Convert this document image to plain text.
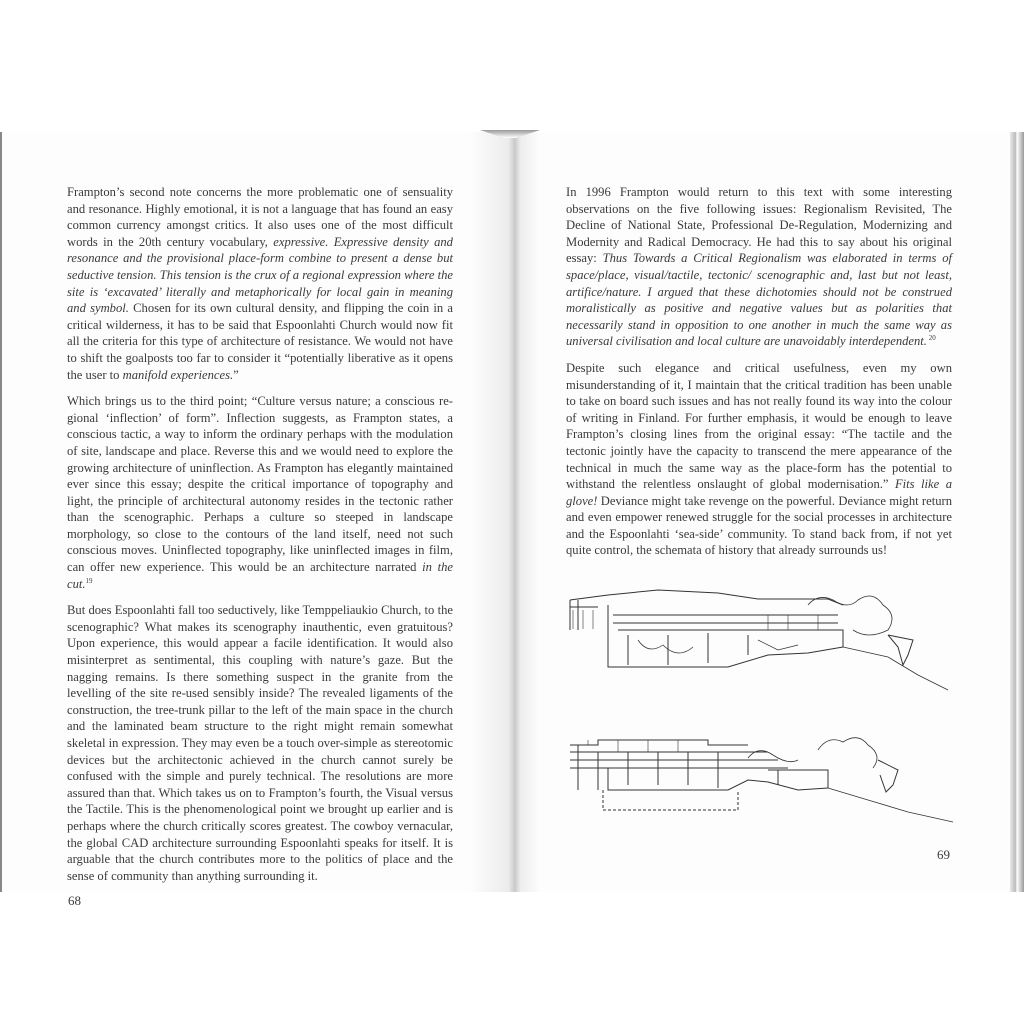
Frampton’s second note concerns the more problematic one of sensuality and resonance. Highly emotional, it is not a language that has found an easy common currency amongst critics. It also uses one of the most difficult words in the 20th century vocabulary, expressive. Expressive density and resonance and the provisional place-form combine to present a dense but seductive tension. This tension is the crux of a regional expression where the site is ‘excavated’ literally and metaphorically for local gain in meaning and symbol. Chosen for its own cultural density, and flipping the coin in a critical wilderness, it has to be said that Espoonlahti Church would now fit all the criteria for this type of architecture of resistance. We would not have to shift the goalposts too far to consider it “potentially liberative as it opens the user to manifold experiences.”

Which brings us to the third point; “Culture versus nature; a conscious regional ‘inflection’ of form”. Inflection suggests, as Frampton states, a conscious tactic, a way to inform the ordinary perhaps with the modulation of site, landscape and place. Reverse this and we would need to explore the growing architecture of uninflection. As Frampton has elegantly maintained ever since this essay; despite the critical importance of topography and light, the principle of architectural autonomy resides in the tectonic rather than the scenographic. Perhaps a culture so steeped in landscape morphology, so close to the contours of the land itself, need not such conscious moves. Uninflected topography, like uninflected images in film, can offer new experience. This would be an architecture narrated in the cut.$^{19}$

But does Espoonlahti fall too seductively, like Temppeliaukio Church, to the scenographic? What makes its scenography inauthentic, even gratuitous? Upon experience, this would appear a facile identification. It would also misinterpret as sentimental, this coupling with nature’s gaze. But the nagging remains. Is there something suspect in the granite from the levelling of the site re-used sensibly inside? The revealed ligaments of the construction, the tree-trunk pillar to the left of the main space in the church and the laminated beam structure to the right might remain somewhat skeletal in expression. They may even be a touch over-simple as stereotomic devices but the architectonic achieved in the church cannot surely be confused with the simple and purely technical. The resolutions are more assured than that. Which takes us on to Frampton’s fourth, the Visual versus the Tactile. This is the phenomenological point we brought up earlier and is perhaps where the church critically scores greatest. The cowboy vernacular, the global CAD architecture surrounding Espoonlahti speaks for itself. It is arguable that the church contributes more to the politics of place and the sense of community than anything surrounding it.

In 1996 Frampton would return to this text with some interesting observations on the five following issues: Regionalism Revisited, The Decline of National State, Professional De-Regulation, Modernizing and Modernity and Radical Democracy. He had this to say about his original essay: Thus Towards a Critical Regionalism was elaborated in terms of space/place, visual/tactile, tectonic/ scenographic and, last but not least, artifice/nature. I argued that these dichotomies should not be construed moralistically as positive and negative values but as polarities that necessarily stand in opposition to one another in much the same way as universal civilisation and local culture are unavoidably interdependent. $^{20}$

Despite such elegance and critical usefulness, even my own misunderstanding of it, I maintain that the critical tradition has been unable to take on board such issues and has not really found its way into the colour of writing in Finland. For further emphasis, it would be enough to leave Frampton’s closing lines from the original essay: “The tactile and the tectonic jointly have the capacity to transcend the mere appearance of the technical in much the same way as the place-form has the potential to withstand the relentless onslaught of global modernisation.” Fits like a glove! Deviance might take revenge on the powerful. Deviance might return and even empower renewed struggle for the social processes in architecture and the Espoonlahti ‘sea-side’ community. To stand back from, if not yet quite control, the schemata of history that already surrounds us!

68
69
